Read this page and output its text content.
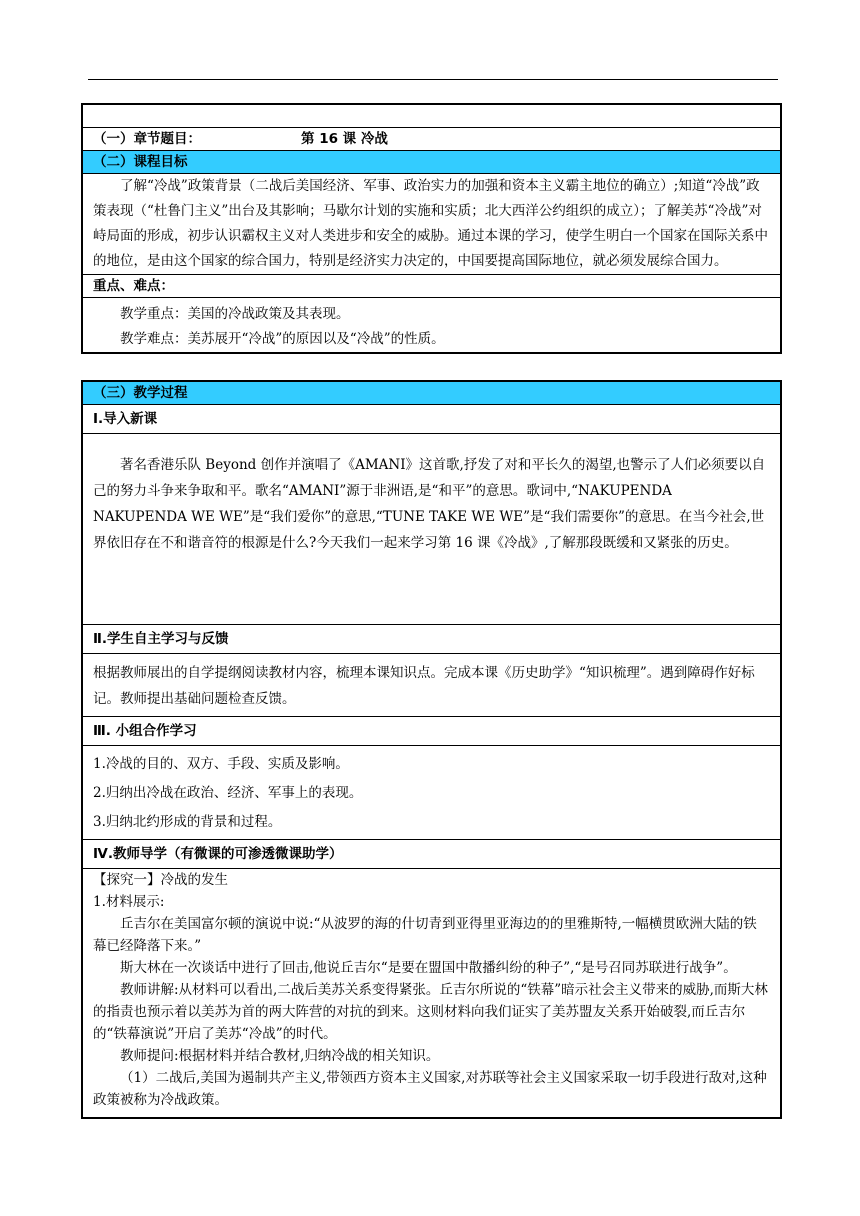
（一）章节题目：	第 16 课 冷战
（二）课程目标

了解“冷战”政策背景（二战后美国经济、军事、政治实力的加强和资本主义霸主地位的确立）;知道“冷战”政策表现（“杜鲁门主义”出台及其影响；马歇尔计划的实施和实质；北大西洋公约组织的成立）；了解美苏“冷战”对峙局面的形成，初步认识霸权主义对人类进步和安全的威胁。通过本课的学习，使学生明白一个国家在国际关系中的地位，是由这个国家的综合国力，特别是经济实力决定的，中国要提高国际地位，就必须发展综合国力。

重点、难点：

教学重点：美国的冷战政策及其表现。

教学难点：美苏展开“冷战”的原因以及“冷战”的性质。

（三）教学过程
Ⅰ.导入新课

著名香港乐队 Beyond 创作并演唱了《AMANI》这首歌,抒发了对和平长久的渴望,也警示了人们必须要以自己的努力斗争来争取和平。歌名“AMANI”源于非洲语,是“和平”的意思。歌词中,“NAKUPENDA NAKUPENDA WE WE”是“我们爱你”的意思,“TUNE TAKE WE WE”是“我们需要你”的意思。在当今社会,世界依旧存在不和谐音符的根源是什么?今天我们一起来学习第 16 课《冷战》,了解那段既缓和又紧张的历史。

Ⅱ.学生自主学习与反馈

根据教师展出的自学提纲阅读教材内容，梳理本课知识点。完成本课《历史助学》“知识梳理”。遇到障碍作好标记。教师提出基础问题检查反馈。

Ⅲ. 小组合作学习

1.冷战的目的、双方、手段、实质及影响。

2.归纳出冷战在政治、经济、军事上的表现。

3.归纳北约形成的背景和过程。

Ⅳ.教师导学（有微课的可渗透微课助学）

【探究一】冷战的发生

1.材料展示:

丘吉尔在美国富尔顿的演说中说:“从波罗的海的什切青到亚得里亚海边的的里雅斯特,一幅横贯欧洲大陆的铁幕已经降落下来。”

斯大林在一次谈话中进行了回击,他说丘吉尔“是要在盟国中散播纠纷的种子”,“是号召同苏联进行战争”。

教师讲解:从材料可以看出,二战后美苏关系变得紧张。丘吉尔所说的“铁幕”暗示社会主义带来的威胁,而斯大林的指责也预示着以美苏为首的两大阵营的对抗的到来。这则材料向我们证实了美苏盟友关系开始破裂,而丘吉尔的“铁幕演说”开启了美苏“冷战”的时代。

教师提问:根据材料并结合教材,归纳冷战的相关知识。

（1）二战后,美国为遏制共产主义,带领西方资本主义国家,对苏联等社会主义国家采取一切手段进行敌对,这种政策被称为冷战政策。
